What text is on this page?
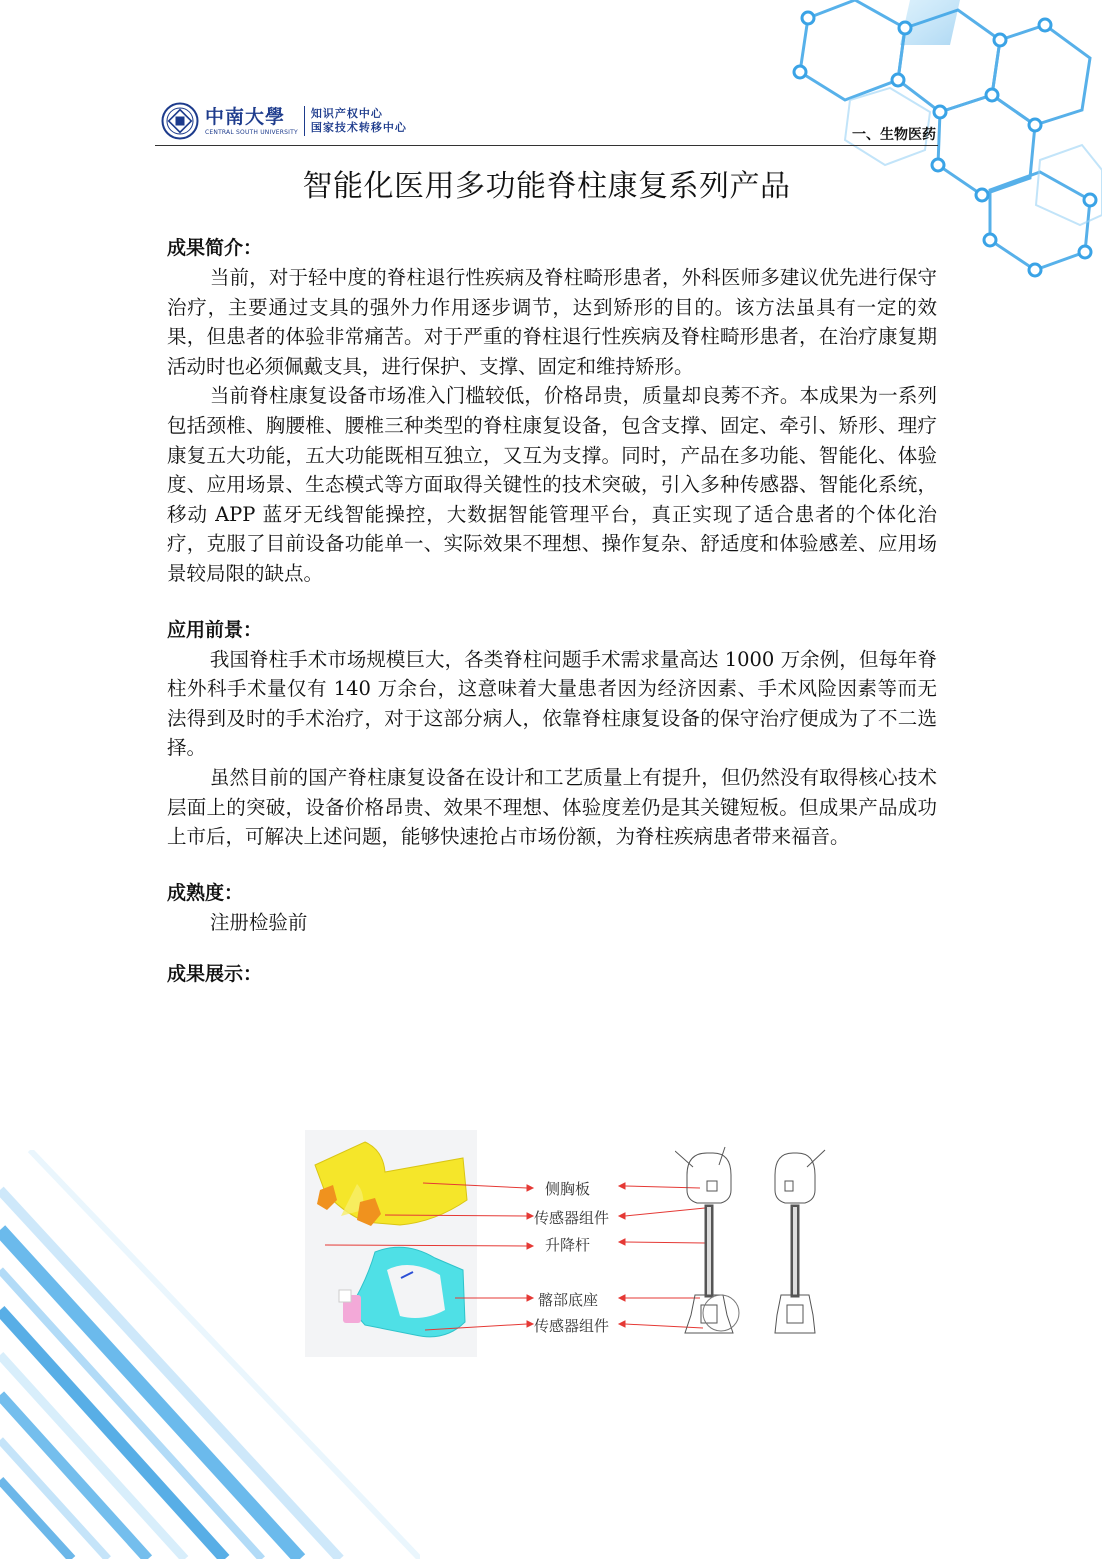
中南大學
CENTRAL SOUTH UNIVERSITY
知识产权中心
国家技术转移中心	一、生物医药
智能化医用多功能脊柱康复系列产品
成果简介：

当前，对于轻中度的脊柱退行性疾病及脊柱畸形患者，外科医师多建议优先进行保守治疗，主要通过支具的强外力作用逐步调节，达到矫形的目的。该方法虽具有一定的效果，但患者的体验非常痛苦。对于严重的脊柱退行性疾病及脊柱畸形患者，在治疗康复期活动时也必须佩戴支具，进行保护、支撑、固定和维持矫形。

当前脊柱康复设备市场准入门槛较低，价格昂贵，质量却良莠不齐。本成果为一系列包括颈椎、胸腰椎、腰椎三种类型的脊柱康复设备，包含支撑、固定、牵引、矫形、理疗康复五大功能，五大功能既相互独立，又互为支撑。同时，产品在多功能、智能化、体验度、应用场景、生态模式等方面取得关键性的技术突破，引入多种传感器、智能化系统，移动 APP 蓝牙无线智能操控，大数据智能管理平台，真正实现了适合患者的个体化治疗，克服了目前设备功能单一、实际效果不理想、操作复杂、舒适度和体验感差、应用场景较局限的缺点。

应用前景：

我国脊柱手术市场规模巨大，各类脊柱问题手术需求量高达 1000 万余例，但每年脊柱外科手术量仅有 140 万余台，这意味着大量患者因为经济因素、手术风险因素等而无法得到及时的手术治疗，对于这部分病人，依靠脊柱康复设备的保守治疗便成为了不二选择。

虽然目前的国产脊柱康复设备在设计和工艺质量上有提升，但仍然没有取得核心技术层面上的突破，设备价格昂贵、效果不理想、体验度差仍是其关键短板。但成果产品成功上市后，可解决上述问题，能够快速抢占市场份额，为脊柱疾病患者带来福音。

成熟度：

注册检验前

成果展示：
侧胸板
传感器组件
升降杆
髂部底座
传感器组件
